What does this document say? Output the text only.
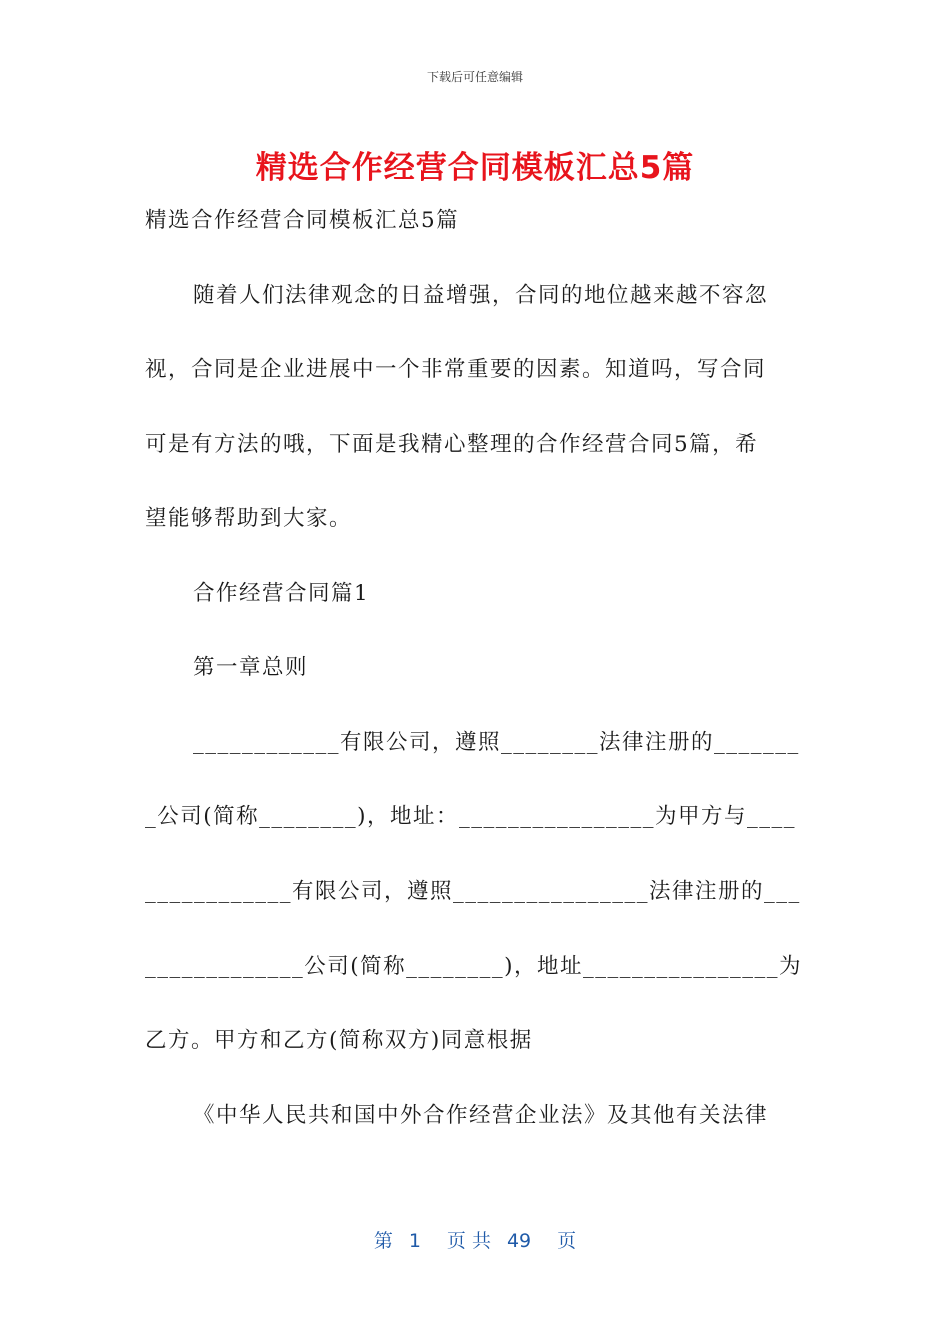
下载后可任意编辑
精选合作经营合同模板汇总5篇
精选合作经营合同模板汇总5篇
随着人们法律观念的日益增强，合同的地位越来越不容忽
视，合同是企业进展中一个非常重要的因素。知道吗，写合同
可是有方法的哦，下面是我精心整理的合作经营合同5篇，希
望能够帮助到大家。
合作经营合同篇1
第一章总则
____________有限公司，遵照________法律注册的_______
_公司(简称________)，地址：________________为甲方与____
____________有限公司，遵照________________法律注册的___
_____________公司(简称________)，地址________________为
乙方。甲方和乙方(简称双方)同意根据
《中华人民共和国中外合作经营企业法》及其他有关法律
第 1 页 共 49 页
